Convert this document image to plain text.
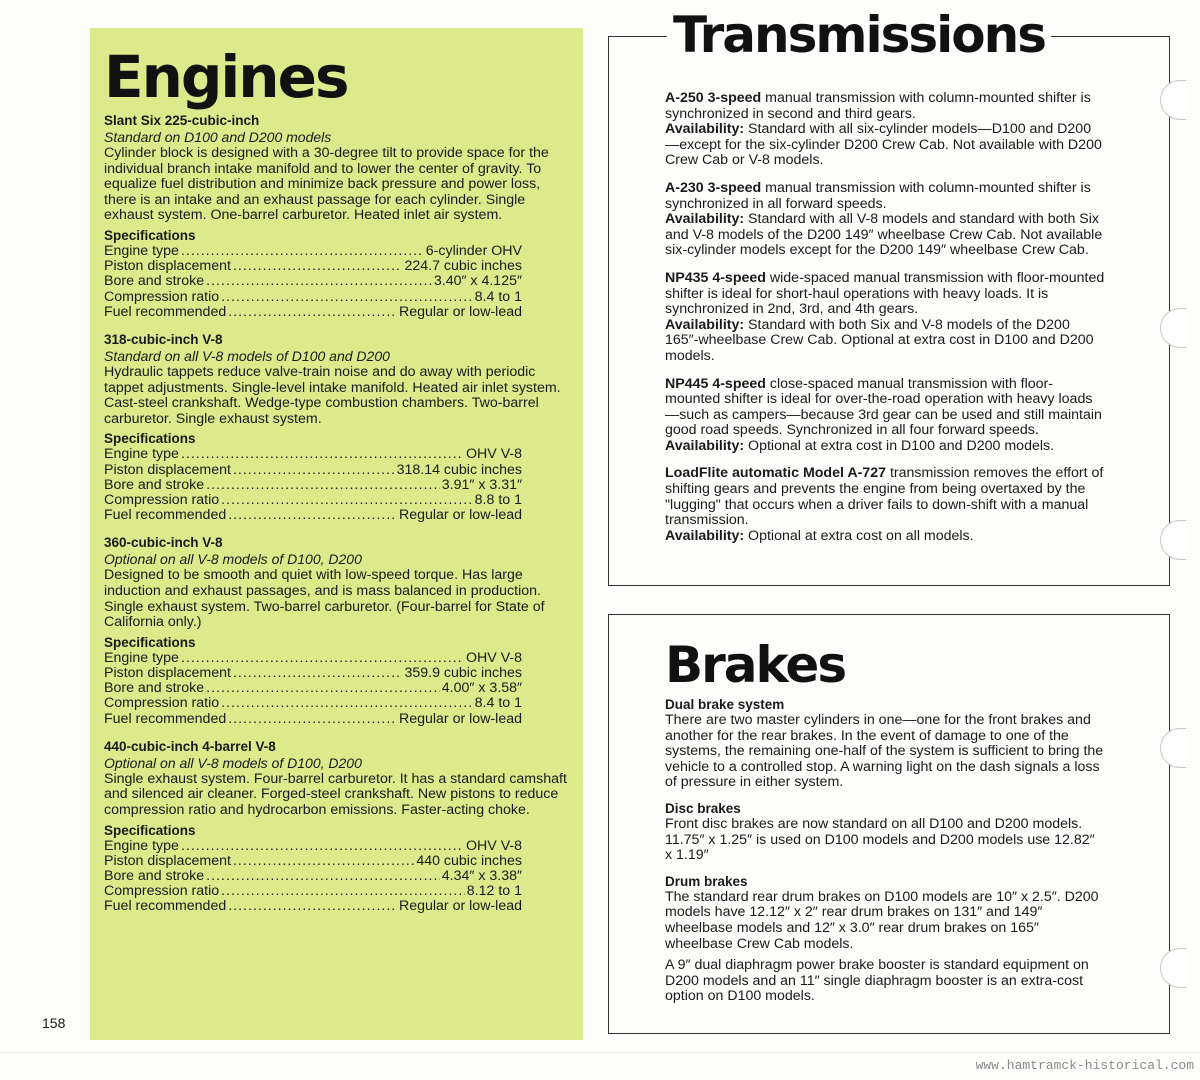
Engines
Slant Six 225-cubic-inch
Standard on D100 and D200 models
Cylinder block is designed with a 30-degree tilt to provide space for the individual branch intake manifold and to lower the center of gravity. To equalize fuel distribution and minimize back pressure and power loss, there is an intake and an exhaust passage for each cylinder. Single exhaust system. One-barrel carburetor. Heated inlet air system.
Specifications
Engine type .....	6-cylinder OHV
Piston displacement .....	224.7 cubic inches
Bore and stroke .....	3.40″ x 4.125″
Compression ratio .....	8.4 to 1
Fuel recommended .....	Regular or low-lead
318-cubic-inch V-8
Standard on all V-8 models of D100 and D200
Hydraulic tappets reduce valve-train noise and do away with periodic tappet adjustments. Single-level intake manifold. Heated air inlet system. Cast-steel crankshaft. Wedge-type combustion chambers. Two-barrel carburetor. Single exhaust system.
Specifications
Engine type .....	OHV V-8
Piston displacement .....	318.14 cubic inches
Bore and stroke .....	3.91″ x 3.31″
Compression ratio .....	8.8 to 1
Fuel recommended .....	Regular or low-lead
360-cubic-inch V-8
Optional on all V-8 models of D100, D200
Designed to be smooth and quiet with low-speed torque. Has large induction and exhaust passages, and is mass balanced in production. Single exhaust system. Two-barrel carburetor. (Four-barrel for State of California only.)
Specifications
Engine type .....	OHV V-8
Piston displacement .....	359.9 cubic inches
Bore and stroke .....	4.00″ x 3.58″
Compression ratio .....	8.4 to 1
Fuel recommended .....	Regular or low-lead
440-cubic-inch 4-barrel V-8
Optional on all V-8 models of D100, D200
Single exhaust system. Four-barrel carburetor. It has a standard camshaft and silenced air cleaner. Forged-steel crankshaft. New pistons to reduce compression ratio and hydrocarbon emissions. Faster-acting choke.
Specifications
Engine type .....	OHV V-8
Piston displacement .....	440 cubic inches
Bore and stroke .....	4.34″ x 3.38″
Compression ratio .....	8.12 to 1
Fuel recommended .....	Regular or low-lead
158
Transmissions
A-250 3-speed manual transmission with column-mounted shifter is synchronized in second and third gears.
Availability: Standard with all six-cylinder models—D100 and D200—except for the six-cylinder D200 Crew Cab. Not available with D200 Crew Cab or V-8 models.
A-230 3-speed manual transmission with column-mounted shifter is synchronized in all forward speeds.
Availability: Standard with all V-8 models and standard with both Six and V-8 models of the D200 149″ wheelbase Crew Cab. Not available six-cylinder models except for the D200 149″ wheelbase Crew Cab.
NP435 4-speed wide-spaced manual transmission with floor-mounted shifter is ideal for short-haul operations with heavy loads. It is synchronized in 2nd, 3rd, and 4th gears.
Availability: Standard with both Six and V-8 models of the D200 165″-wheelbase Crew Cab. Optional at extra cost in D100 and D200 models.
NP445 4-speed close-spaced manual transmission with floor-mounted shifter is ideal for over-the-road operation with heavy loads—such as campers—because 3rd gear can be used and still maintain good road speeds. Synchronized in all four forward speeds.
Availability: Optional at extra cost in D100 and D200 models.
LoadFlite automatic Model A-727 transmission removes the effort of shifting gears and prevents the engine from being overtaxed by the "lugging" that occurs when a driver fails to down-shift with a manual transmission.
Availability: Optional at extra cost on all models.
Brakes
Dual brake system
There are two master cylinders in one—one for the front brakes and another for the rear brakes. In the event of damage to one of the systems, the remaining one-half of the system is sufficient to bring the vehicle to a controlled stop. A warning light on the dash signals a loss of pressure in either system.
Disc brakes
Front disc brakes are now standard on all D100 and D200 models. 11.75″ x 1.25″ is used on D100 models and D200 models use 12.82″ x 1.19″
Drum brakes
The standard rear drum brakes on D100 models are 10″ x 2.5″. D200 models have 12.12″ x 2″ rear drum brakes on 131″ and 149″ wheelbase models and 12″ x 3.0″ rear drum brakes on 165″ wheelbase Crew Cab models.
A 9″ dual diaphragm power brake booster is standard equipment on D200 models and an 11″ single diaphragm booster is an extra-cost option on D100 models.
www.hamtramck-historical.com
